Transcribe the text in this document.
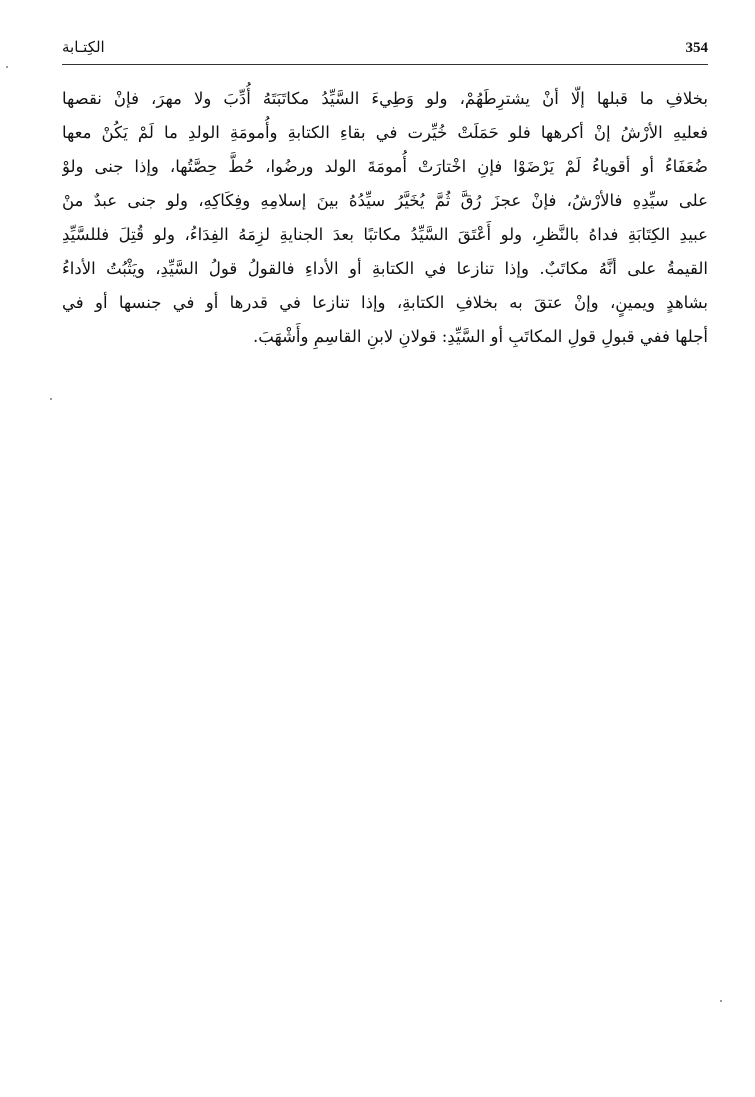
354
الكِتـابة
بخلافِ ما قبلها إلّا أنْ يشترِطَهُمْ، ولو وَطِيءَ السَّيِّدُ مكاتَبَتَهُ أُدِّبَ ولا مهرَ، فإنْ نقصها
فعليهِ الأرْشُ إنْ أكرهها فلو حَمَلَتْ خُيِّرت في بقاءِ الكتابةِ وأُمومَةِ الولدِ ما لَمْ يَكُنْ معها
ضُعَفَاءُ أو أقوياءُ لَمْ يَرْضَوْا فإنِ اخْتارَتْ أُمومَةَ الولد ورضُوا، حُطَّ حِصَّتُها، وإذا جنى ولوْ
على سيِّدِهِ فالأرْشُ، فإنْ عجزَ رُقَّ ثُمَّ يُخَيَّرُ سيِّدُهُ بينَ إسلامِهِ وفِكَاكِهِ، ولو جنى عبدٌ منْ
عبيدِ الكِتَابَةِ فداهُ بالنَّظرِ، ولو أَعْتَقَ السَّيِّدُ مكاتبًا بعدَ الجنايةِ لزِمَهُ الفِدَاءُ، ولو قُتِلَ فللسَّيِّدِ
القيمةُ على أنَّهُ مكاتَبٌ. وإذا تنازعا في الكتابةِ أو الأداءِ فالقولُ قولُ السَّيِّدِ، ويَثْبُتُ الأداءُ
بشاهدٍ ويمينٍ، وإنْ عتقَ به بخلافِ الكتابةِ، وإذا تنازعا في قدرها أو في جنسها أو في
أجلها ففي قبولِ قولِ المكاتَبِ أو السَّيِّدِ: قولانِ لابنِ القاسِمِ وأَشْهَبَ.
